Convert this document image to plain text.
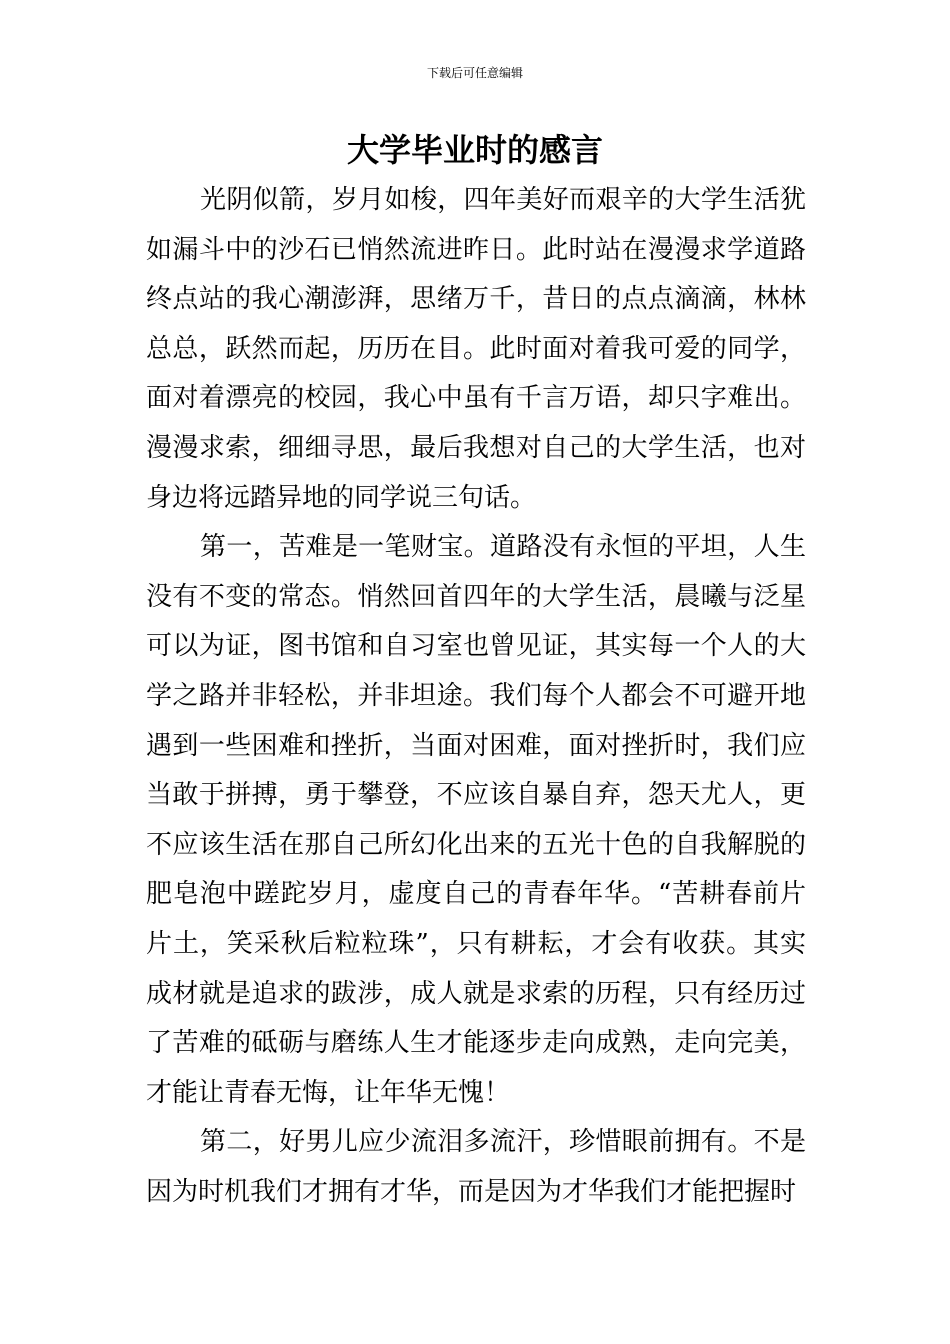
下载后可任意编辑
大学毕业时的感言

光阴似箭，岁月如梭，四年美好而艰辛的大学生活犹如漏斗中的沙石已悄然流进昨日。此时站在漫漫求学道路终点站的我心潮澎湃，思绪万千，昔日的点点滴滴，林林总总，跃然而起，历历在目。此时面对着我可爱的同学，面对着漂亮的校园，我心中虽有千言万语，却只字难出。漫漫求索，细细寻思，最后我想对自己的大学生活，也对身边将远踏异地的同学说三句话。

第一，苦难是一笔财宝。道路没有永恒的平坦，人生没有不变的常态。悄然回首四年的大学生活，晨曦与泛星可以为证，图书馆和自习室也曾见证，其实每一个人的大学之路并非轻松，并非坦途。我们每个人都会不可避开地遇到一些困难和挫折，当面对困难，面对挫折时，我们应当敢于拼搏，勇于攀登，不应该自暴自弃，怨天尤人，更不应该生活在那自己所幻化出来的五光十色的自我解脱的肥皂泡中蹉跎岁月，虚度自己的青春年华。“苦耕春前片片土，笑采秋后粒粒珠”，只有耕耘，才会有收获。其实成材就是追求的跋涉，成人就是求索的历程，只有经历过了苦难的砥砺与磨练人生才能逐步走向成熟，走向完美，才能让青春无悔，让年华无愧！

第二，好男儿应少流泪多流汗，珍惜眼前拥有。不是因为时机我们才拥有才华，而是因为才华我们才能把握时
